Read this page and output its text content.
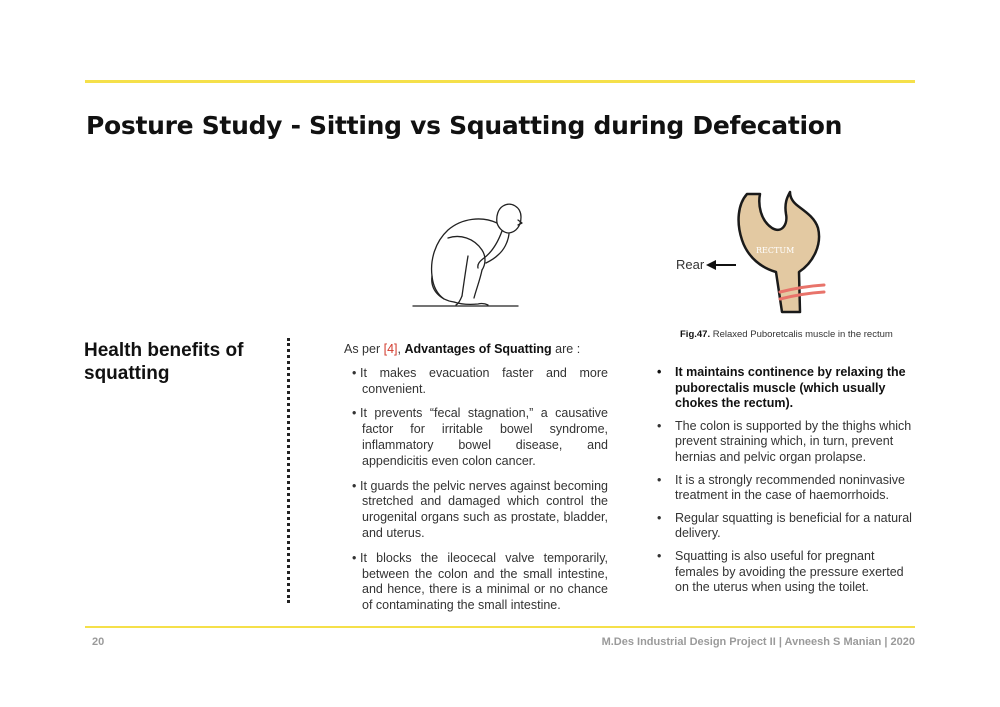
Posture Study - Sitting vs Squatting during Defecation
Rear
RECTUM
Fig.47. Relaxed Puboretcalis muscle in the rectum
Health benefits of squatting

As per [4], Advantages of Squatting are :

• It makes evacuation faster and more convenient.
• It prevents “fecal stagnation,” a causative factor for irritable bowel syndrome, inflammatory bowel disease, and appendicitis even colon cancer.
• It guards the pelvic nerves against becoming stretched and damaged which control the urogenital organs such as prostate, bladder, and uterus.
• It blocks the ileocecal valve temporarily, between the colon and the small intestine, and hence, there is a minimal or no chance of contaminating the small intestine.
• It maintains continence by relaxing the puborectalis muscle (which usually chokes the rectum).
• The colon is supported by the thighs which prevent straining which, in turn, prevent hernias and pelvic organ prolapse.
• It is a strongly recommended noninvasive treatment in the case of haemorrhoids.
• Regular squatting is beneficial for a natural delivery.
• Squatting is also useful for pregnant females by avoiding the pressure exerted on the uterus when using the toilet.
20	M.Des Industrial Design Project II | Avneesh S Manian | 2020
